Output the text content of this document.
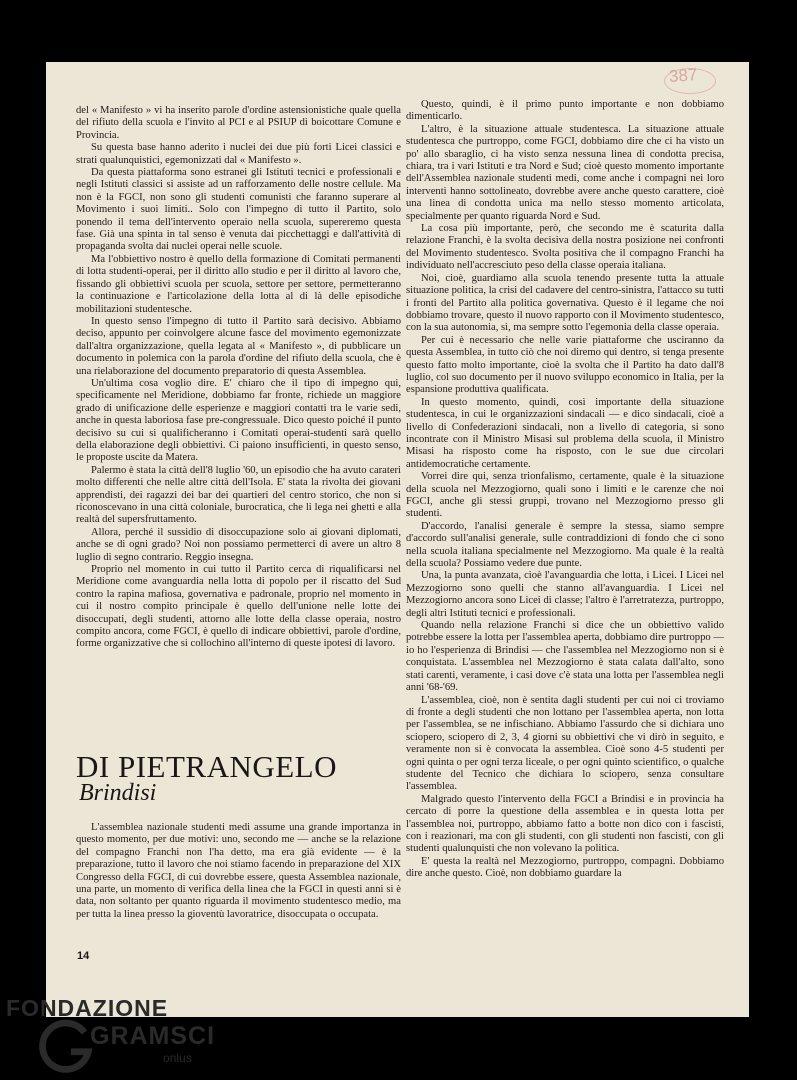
387

del « Manifesto » vi ha inserito parole d'ordine astensionistiche quale quella del rifiuto della scuola e l'invito al PCI e al PSIUP di boicottare Comune e Provincia.

Su questa base hanno aderito i nuclei dei due più forti Licei classici e strati qualunquistici, egemonizzati dal « Manifesto ».

Da questa piattaforma sono estranei gli Istituti tecnici e professionali e negli Istituti classici si assiste ad un rafforzamento delle nostre cellule. Ma non è la FGCI, non sono gli studenti comunisti che faranno superare al Movimento i suoi limiti.. Solo con l'impegno di tutto il Partito, solo ponendo il tema dell'intervento operaio nella scuola, supereremo questa fase. Già una spinta in tal senso è venuta dai picchettaggi e dall'attività di propaganda svolta dai nuclei operai nelle scuole.

Ma l'obbiettivo nostro è quello della formazione di Comitati permanenti di lotta studenti-operai, per il diritto allo studio e per il diritto al lavoro che, fissando gli obbiettivi scuola per scuola, settore per settore, permetteranno la continuazione e l'articolazione della lotta al di là delle episodiche mobilitazioni studentesche.

In questo senso l'impegno di tutto il Partito sarà decisivo. Abbiamo deciso, appunto per coinvolgere alcune fasce del movimento egemonizzate dall'altra organizzazione, quella legata al « Manifesto », di pubblicare un documento in polemica con la parola d'ordine del rifiuto della scuola, che è una rielaborazione del documento preparatorio di questa Assemblea.

Un'ultima cosa voglio dire. E' chiaro che il tipo di impegno qui, specificamente nel Meridione, dobbiamo far fronte, richiede un maggiore grado di unificazione delle esperienze e maggiori contatti tra le varie sedi, anche in questa laboriosa fase pre-congressuale. Dico questo poiché il punto decisivo su cui si qualificheranno i Comitati operai-studenti sarà quello della elaborazione degli obbiettivi. Ci paiono insufficienti, in questo senso, le proposte uscite da Matera.

Palermo è stata la città dell'8 luglio '60, un episodio che ha avuto carateri molto differenti che nelle altre città dell'Isola. E' stata la rivolta dei giovani apprendisti, dei ragazzi dei bar dei quartieri del centro storico, che non si riconoscevano in una città coloniale, burocratica, che li lega nei ghetti e alla realtà del supersfruttamento.

Allora, perché il sussidio di disoccupazione solo ai giovani diplomati, anche se di ogni grado? Noi non possiamo permetterci di avere un altro 8 luglio di segno contrario. Reggio insegna.

Proprio nel momento in cui tutto il Partito cerca di riqualificarsi nel Meridione come avanguardia nella lotta di popolo per il riscatto del Sud contro la rapina mafiosa, governativa e padronale, proprio nel momento in cui il nostro compito principale è quello dell'unione nelle lotte dei disoccupati, degli studenti, attorno alle lotte della classe operaia, nostro compito ancora, come FGCI, è quello di indicare obbiettivi, parole d'ordine, forme organizzative che si collochino all'interno di queste ipotesi di lavoro.

Questo, quindi, è il primo punto importante e non dobbiamo dimenticarlo.

L'altro, è la situazione attuale studentesca. La situazione attuale studentesca che purtroppo, come FGCI, dobbiamo dire che ci ha visto un po' allo sbaraglio, ci ha visto senza nessuna linea di condotta precisa, chiara, tra i vari Istituti e tra Nord e Sud; cioè questo momento importante dell'Assemblea nazionale studenti medi, come anche i compagni nei loro interventi hanno sottolineato, dovrebbe avere anche questo carattere, cioè una linea di condotta unica ma nello stesso momento articolata, specialmente per quanto riguarda Nord e Sud.

La cosa più importante, però, che secondo me è scaturita dalla relazione Franchi, è la svolta decisiva della nostra posizione nei confronti del Movimento studentesco. Svolta positiva che il compagno Franchi ha individuato nell'accresciuto peso della classe operaia italiana.

Noi, cioè, guardiamo alla scuola tenendo presente tutta la attuale situazione politica, la crisi del cadavere del centro-sinistra, l'attacco su tutti i fronti del Partito alla politica governativa. Questo è il legame che noi dobbiamo trovare, questo il nuovo rapporto con il Movimento studentesco, con la sua autonomia, sì, ma sempre sotto l'egemonia della classe operaia.

Per cui è necessario che nelle varie piattaforme che usciranno da questa Assemblea, in tutto ciò che noi diremo qui dentro, si tenga presente questo fatto molto importante, cioè la svolta che il Partito ha dato dall'8 luglio, col suo documento per il nuovo sviluppo economico in Italia, per la espansione produttiva qualificata.

In questo momento, quindi, così importante della situazione studentesca, in cui le organizzazioni sindacali — e dico sindacali, cioè a livello di Confederazioni sindacali, non a livello di categoria, si sono incontrate con il Ministro Misasi sul problema della scuola, il Ministro Misasi ha risposto come ha risposto, con le sue due circolari antidemocratiche certamente.

Vorrei dire qui, senza trionfalismo, certamente, quale è la situazione della scuola nel Mezzogiorno, quali sono i limiti e le carenze che noi FGCI, anche gli stessi gruppi, trovano nel Mezzogiorno presso gli studenti.

D'accordo, l'analisi generale è sempre la stessa, siamo sempre d'accordo sull'analisi generale, sulle contraddizioni di fondo che ci sono nella scuola italiana specialmente nel Mezzogiorno. Ma quale è la realtà della scuola? Possiamo vedere due punte.

Una, la punta avanzata, cioè l'avanguardia che lotta, i Licei. I Licei nel Mezzogiorno sono quelli che stanno all'avanguardia. I Licei nel Mezzogiorno ancora sono Licei di classe; l'altro è l'arretratezza, purtroppo, degli altri Istituti tecnici e professionali.

Quando nella relazione Franchi si dice che un obbiettivo valido potrebbe essere la lotta per l'assemblea aperta, dobbiamo dire purtroppo — io ho l'esperienza di Brindisi — che l'assemblea nel Mezzogiorno non si è conquistata. L'assemblea nel Mezzogiorno è stata calata dall'alto, sono stati carenti, veramente, i casi dove c'è stata una lotta per l'assemblea negli anni '68-'69.

L'assemblea, cioè, non è sentita dagli studenti per cui noi ci troviamo di fronte a degli studenti che non lottano per l'assemblea aperta, non lotta per l'assemblea, se ne infischiano. Abbiamo l'assurdo che si dichiara uno sciopero, sciopero di 2, 3, 4 giorni su obbiettivi che vi dirò in seguito, e veramente non si è convocata la assemblea. Cioè sono 4-5 studenti per ogni quinta o per ogni terza liceale, o per ogni quinto scientifico, o qualche studente del Tecnico che dichiara lo sciopero, senza consultare l'assemblea.

Malgrado questo l'intervento della FGCI a Brindisi e in provincia ha cercato di porre la questione della assemblea e in questa lotta per l'assemblea noi, purtroppo, abbiamo fatto a botte non dico con i fascisti, con i reazionari, ma con gli studenti, con gli studenti non fascisti, con gli studenti qualunquisti che non volevano la politica.

E' questa la realtà nel Mezzogiorno, purtroppo, compagni. Dobbiamo dire anche questo. Cioè, non dobbiamo guardare la

DI PIETRANGELO
Brindisi

L'assemblea nazionale studenti medi assume una grande importanza in questo momento, per due motivi: uno, secondo me — anche se la relazione del compagno Franchi non l'ha detto, ma era già evidente — è la preparazione, tutto il lavoro che noi stiamo facendo in preparazione del XIX Congresso della FGCI, di cui dovrebbe essere, questa Assemblea nazionale, una parte, un momento di verifica della linea che la FGCI in questi anni si è data, non soltanto per quanto riguarda il movimento studentesco medio, ma per tutta la linea presso la gioventù lavoratrice, disoccupata o occupata.

14
FONDAZIONE
GRAMSCI
onlus
